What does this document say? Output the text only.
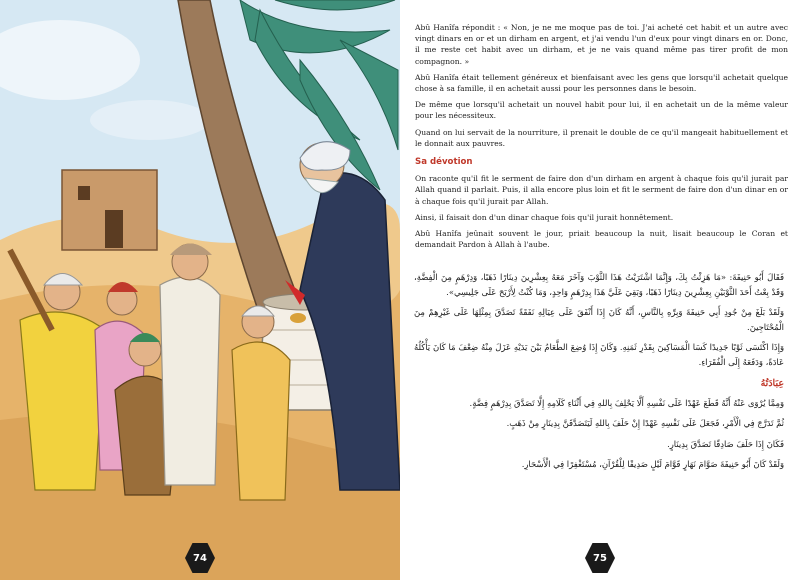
74

Abû Hanîfa répondit : « Non, je ne me moque pas de toi. J'ai acheté cet habit et un autre avec vingt dinars en or et un dirham en argent, et j'ai vendu l'un d'eux pour vingt dinars en or. Donc, il me reste cet habit avec un dirham, et je ne vais quand même pas tirer profit de mon compagnon. »

Abû Hanîfa était tellement généreux et bienfaisant avec les gens que lorsqu'il achetait quelque chose à sa famille, il en achetait aussi pour les personnes dans le besoin.

De même que lorsqu'il achetait un nouvel habit pour lui, il en achetait un de la même valeur pour les nécessiteux.

Quand on lui servait de la nourriture, il prenait le double de ce qu'il mangeait habituellement et le donnait aux pauvres.

Sa dévotion

On raconte qu'il fit le serment de faire don d'un dirham en argent à chaque fois qu'il jurait par Allah quand il parlait. Puis, il alla encore plus loin et fit le serment de faire don d'un dinar en or à chaque fois qu'il jurait par Allah.

Ainsi, il faisait don d'un dinar chaque fois qu'il jurait honnêtement.

Abû Hanîfa jeûnait souvent le jour, priait beaucoup la nuit, lisait beaucoup le Coran et demandait Pardon à Allah à l'aube.

فَقَالَ أَبُو حَنِيفَةَ: «مَا هَزِئْتُ بِكَ، وَإِنَّمَا اشْتَرَيْتُ هَذَا الثَّوْبَ وَآخَرَ مَعَهُ بِعِشْرِينَ دِينَارًا ذَهَبًا، وَدِرْهَمٍ مِنَ الْفِضَّةِ، وَقَدْ بِعْتُ أَحَدَ الثَّوْبَيْنِ بِعِشْرِينَ دِينَارًا ذَهَبًا، وَبَقِيَ عَلَيَّ هَذَا بِدِرْهَمٍ وَاحِدٍ، وَمَا كُنْتُ لِأَرْبَحَ عَلَى جَلِيسِي».

وَلَقَدْ بَلَغَ مِنْ جُودِ أَبِي حَنِيفَةَ وَبِرِّهِ بِالنَّاسِ، أَنَّهُ كَانَ إِذَا أَنْفَقَ عَلَى عِيَالِهِ نَفَقَةً تَصَدَّقَ بِمِثْلِهَا عَلَى غَيْرِهِمْ مِنَ الْمُحْتَاجِينَ.

وَإِذَا اكْتَسَى ثَوْبًا جَدِيدًا كَسَا الْمَسَاكِينَ بِقَدْرِ ثَمَنِهِ. وَكَانَ إِذَا وُضِعَ الطَّعَامُ بَيْنَ يَدَيْهِ عَزَلَ مِنْهُ ضِعْفَ مَا كَانَ يَأْكُلُهُ عَادَةً، وَدَفَعَهُ إِلَى الْفُقَرَاءِ.

عِبَادَتُهُ

وَمِمَّا يُرْوَى عَنْهُ أَنَّهُ قَطَعَ عَهْدًا عَلَى نَفْسِهِ أَلَّا يَحْلِفَ بِاللهِ فِي أَثْنَاءِ كَلَامِهِ إِلَّا تَصَدَّقَ بِدِرْهَمٍ فِضَّةٍ.

ثُمَّ تَدَرَّجَ فِي الْأَمْرِ، فَجَعَلَ عَلَى نَفْسِهِ عَهْدًا إِنْ حَلَفَ بِاللهِ لَيَتَصَدَّقَنَّ بِدِينَارٍ مِنْ ذَهَبٍ.

فَكَانَ إِذَا حَلَفَ صَادِقًا تَصَدَّقَ بِدِينَارٍ.

وَلَقَدْ كَانَ أَبُو حَنِيفَةَ صَوَّامَ نَهَارٍ قَوَّامَ لَيْلٍ صَدِيقًا لِلْقُرْآنِ، مُسْتَغْفِرًا فِي الْأَسْحَارِ.

75
